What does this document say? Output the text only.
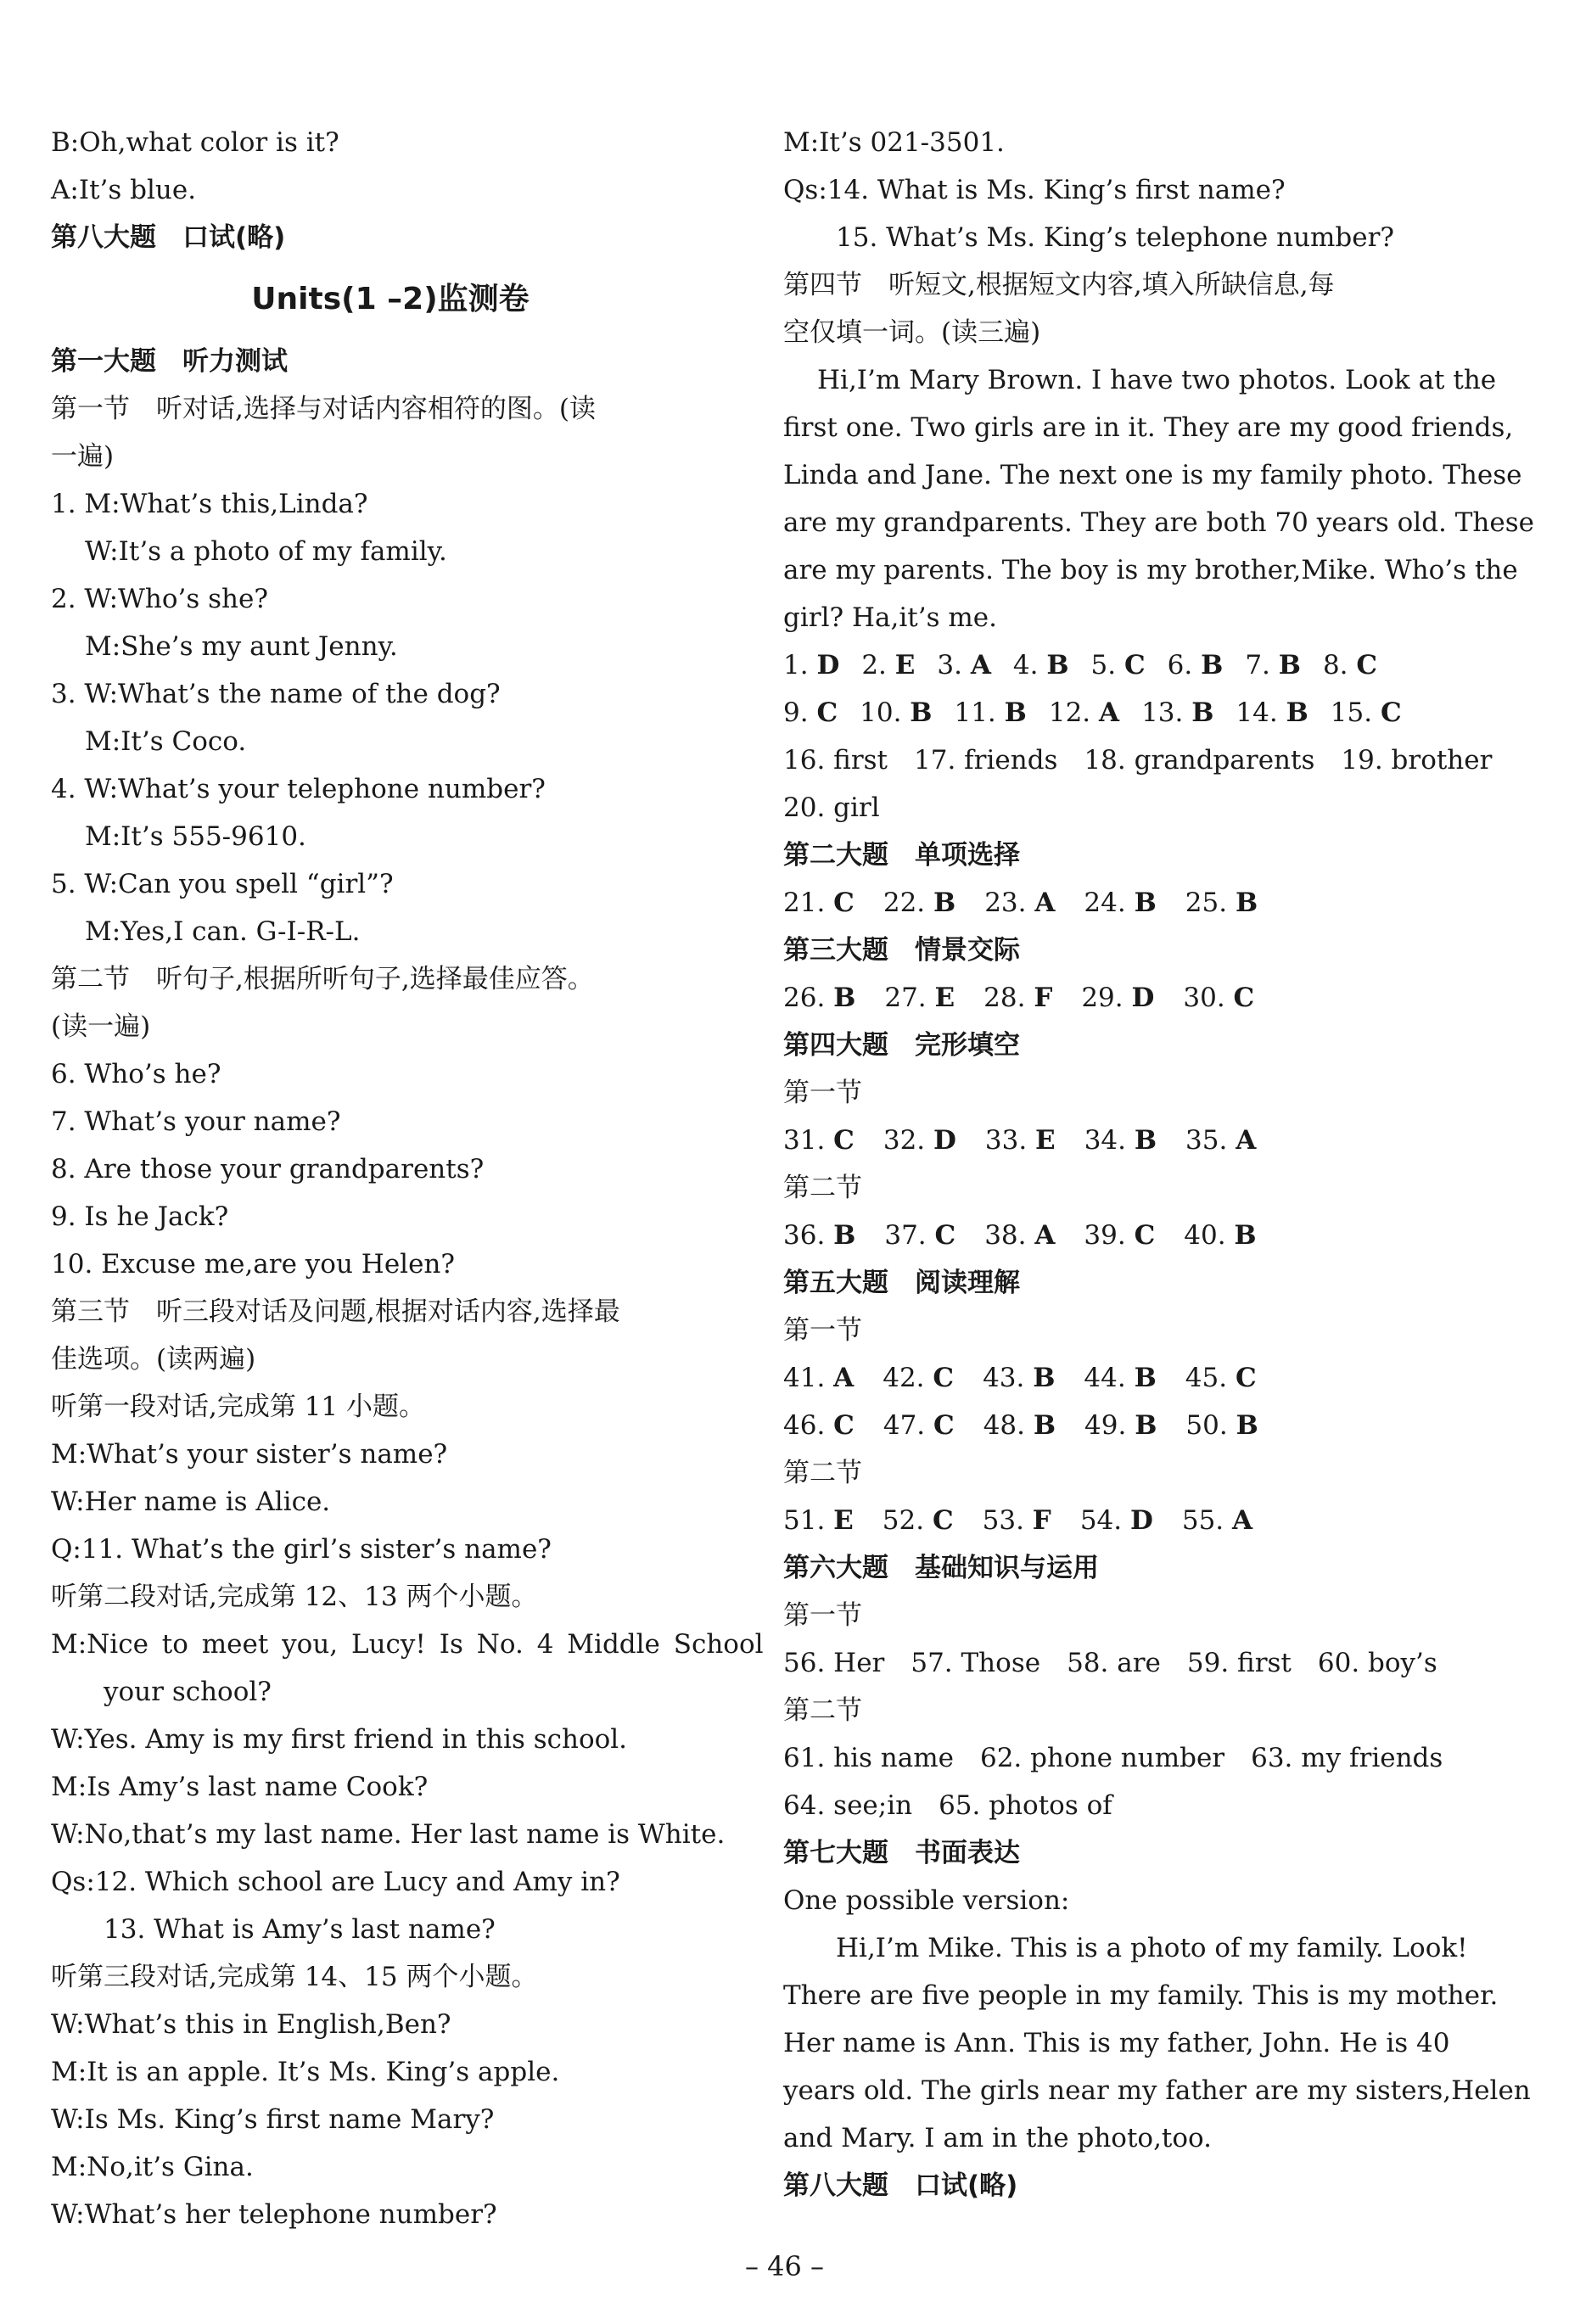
B:Oh,what color is it?
A:It’s blue.
第八大题　口试(略)
Units(1 –2)监测卷
第一大题　听力测试
第一节　听对话,选择与对话内容相符的图。(读
一遍)
1. M:What’s this,Linda?
W:It’s a photo of my family.
2. W:Who’s she?
M:She’s my aunt Jenny.
3. W:What’s the name of the dog?
M:It’s Coco.
4. W:What’s your telephone number?
M:It’s 555-9610.
5. W:Can you spell “girl”?
M:Yes,I can. G-I-R-L.
第二节　听句子,根据所听句子,选择最佳应答。
(读一遍)
6. Who’s he?
7. What’s your name?
8. Are those your grandparents?
9. Is he Jack?
10. Excuse me,are you Helen?
第三节　听三段对话及问题,根据对话内容,选择最
佳选项。(读两遍)
听第一段对话,完成第 11 小题。
M:What’s your sister’s name?
W:Her name is Alice.
Q:11. What’s the girl’s sister’s name?
听第二段对话,完成第 12、13 两个小题。
M:Nice to meet you, Lucy! Is No. 4 Middle School
your school?
W:Yes. Amy is my first friend in this school.
M:Is Amy’s last name Cook?
W:No,that’s my last name. Her last name is White.
Qs:12. Which school are Lucy and Amy in?
13. What is Amy’s last name?
听第三段对话,完成第 14、15 两个小题。
W:What’s this in English,Ben?
M:It is an apple. It’s Ms. King’s apple.
W:Is Ms. King’s first name Mary?
M:No,it’s Gina.
W:What’s her telephone number?
M:It’s 021-3501.
Qs:14. What is Ms. King’s first name?
15. What’s Ms. King’s telephone number?
第四节　听短文,根据短文内容,填入所缺信息,每
空仅填一词。(读三遍)
Hi,I’m Mary Brown. I have two photos. Look at the
first one. Two girls are in it. They are my good friends,
Linda and Jane. The next one is my family photo. These
are my grandparents. They are both 70 years old. These
are my parents. The boy is my brother,Mike. Who’s the
girl? Ha,it’s me.
1. D 2. E 3. A 4. B 5. C 6. B 7. B 8. C
9. C 10. B 11. B 12. A 13. B 14. B 15. C
16. first　17. friends　18. grandparents　19. brother
20. girl
第二大题　单项选择
21. C 22. B 23. A 24. B 25. B
第三大题　情景交际
26. B 27. E 28. F 29. D 30. C
第四大题　完形填空
第一节
31. C 32. D 33. E 34. B 35. A
第二节
36. B 37. C 38. A 39. C 40. B
第五大题　阅读理解
第一节
41. A 42. C 43. B 44. B 45. C
46. C 47. C 48. B 49. B 50. B
第二节
51. E 52. C 53. F 54. D 55. A
第六大题　基础知识与运用
第一节
56. Her　57. Those　58. are　59. first　60. boy’s
第二节
61. his name　62. phone number　63. my friends
64. see;in　65. photos of
第七大题　书面表达
One possible version:
Hi,I’m Mike. This is a photo of my family. Look!
There are five people in my family. This is my mother.
Her name is Ann. This is my father, John. He is 40
years old. The girls near my father are my sisters,Helen
and Mary. I am in the photo,too.
第八大题　口试(略)
– 46 –
